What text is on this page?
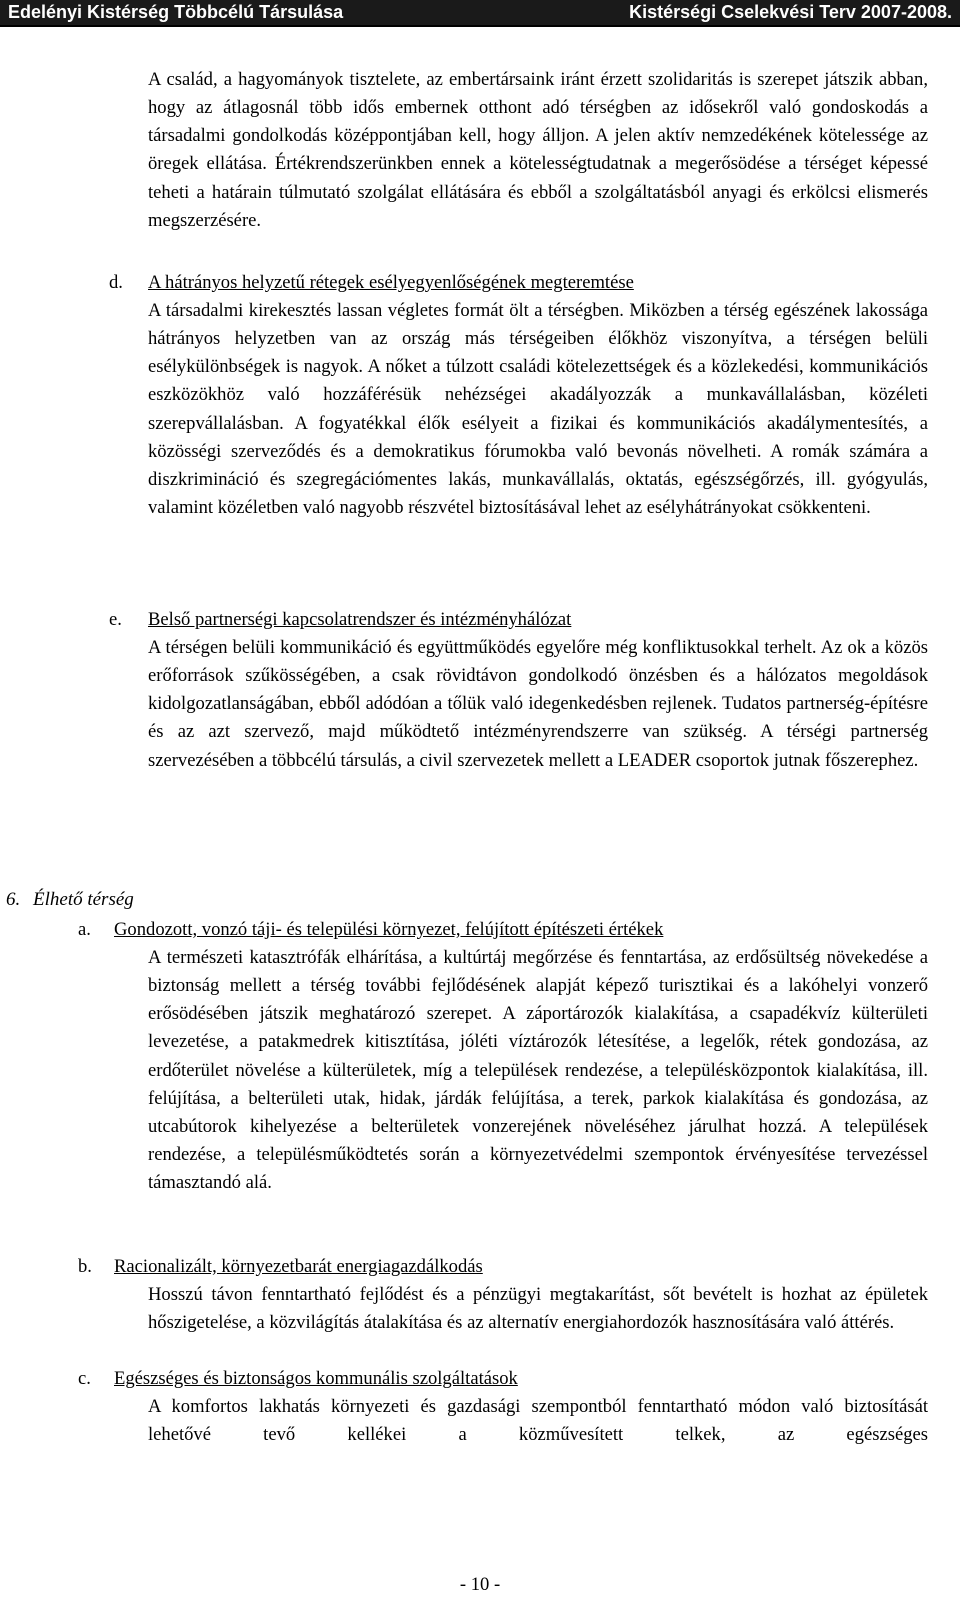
Edelényi Kistérség Többcélú Társulása	Kistérségi Cselekvési Terv 2007-2008.

A család, a hagyományok tisztelete, az embertársaink iránt érzett szolidaritás is szerepet játszik abban, hogy az átlagosnál több idős embernek otthont adó térségben az idősekről való gondoskodás a társadalmi gondolkodás középpontjában kell, hogy álljon. A jelen aktív nemzedékének kötelessége az öregek ellátása. Értékrendszerünkben ennek a kötelességtudatnak a megerősödése a térséget képessé teheti a határain túlmutató szolgálat ellátására és ebből a szolgáltatásból anyagi és erkölcsi elismerés megszerzésére.

d. A hátrányos helyzetű rétegek esélyegyenlőségének megteremtése

A társadalmi kirekesztés lassan végletes formát ölt a térségben. Miközben a térség egészének lakossága hátrányos helyzetben van az ország más térségeiben élőkhöz viszonyítva, a térségen belüli esélykülönbségek is nagyok. A nőket a túlzott családi kötelezettségek és a közlekedési, kommunikációs eszközökhöz való hozzáférésük nehézségei akadályozzák a munkavállalásban, közéleti szerepvállalásban. A fogyatékkal élők esélyeit a fizikai és kommunikációs akadálymentesítés, a közösségi szerveződés és a demokratikus fórumokba való bevonás növelheti. A romák számára a diszkrimináció és szegregációmentes lakás, munkavállalás, oktatás, egészségőrzés, ill. gyógyulás, valamint közéletben való nagyobb részvétel biztosításával lehet az esélyhátrányokat csökkenteni.

e. Belső partnerségi kapcsolatrendszer és intézményhálózat

A térségen belüli kommunikáció és együttműködés egyelőre még konfliktusokkal terhelt. Az ok a közös erőforrások szűkösségében, a csak rövidtávon gondolkodó önzésben és a hálózatos megoldások kidolgozatlanságában, ebből adódóan a tőlük való idegenkedésben rejlenek. Tudatos partnerség-építésre és az azt szervező, majd működtető intézményrendszerre van szükség. A térségi partnerség szervezésében a többcélú társulás, a civil szervezetek mellett a LEADER csoportok jutnak főszerephez.

6. Élhető térség
a. Gondozott, vonzó táji- és települési környezet, felújított építészeti értékek

A természeti katasztrófák elhárítása, a kultúrtáj megőrzése és fenntartása, az erdősültség növekedése a biztonság mellett a térség további fejlődésének alapját képező turisztikai és a lakóhelyi vonzerő erősödésében játszik meghatározó szerepet. A záportározók kialakítása, a csapadékvíz külterületi levezetése, a patakmedrek kitisztítása, jóléti víztározók létesítése, a legelők, rétek gondozása, az erdőterület növelése a külterületek, míg a települések rendezése, a településközpontok kialakítása, ill. felújítása, a belterületi utak, hidak, járdák felújítása, a terek, parkok kialakítása és gondozása, az utcabútorok kihelyezése a belterületek vonzerejének növeléséhez járulhat hozzá. A települések rendezése, a településműködtetés során a környezetvédelmi szempontok érvényesítése tervezéssel támasztandó alá.

b. Racionalizált, környezetbarát energiagazdálkodás

Hosszú távon fenntartható fejlődést és a pénzügyi megtakarítást, sőt bevételt is hozhat az épületek hőszigetelése, a közvilágítás átalakítása és az alternatív energiahordozók hasznosítására való áttérés.

c. Egészséges és biztonságos kommunális szolgáltatások

A komfortos lakhatás környezeti és gazdasági szempontból fenntartható módon való biztosítását lehetővé tevő kellékei a közművesített telkek, az egészséges

- 10 -
